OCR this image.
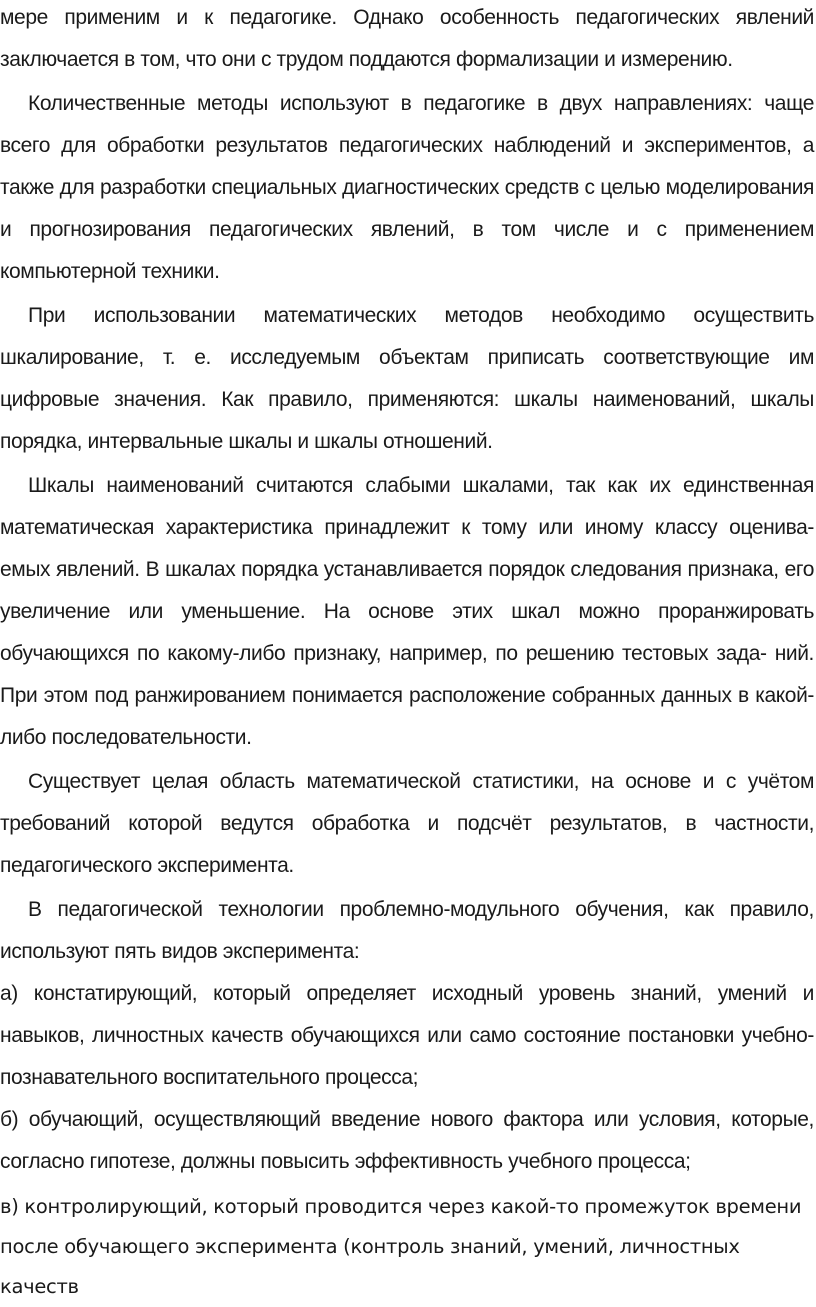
мере применим и к педагогике. Однако особенность педагогических явлений заключается в том, что они с трудом поддаются формализации и измерению.

Количественные методы используют в педагогике в двух направлениях: чаще всего для обработки результатов педагогических наблюдений и экспериментов, а также для разработки специальных диагностических средств с целью моделирования и прогнозирования педагогических явлений, в том числе и с применением компьютерной техники.

При использовании математических методов необходимо осуществить шкалирование, т. е. исследуемым объектам приписать соответствующие им цифровые значения. Как правило, применяются: шкалы наименований, шкалы порядка, интервальные шкалы и шкалы отношений.

Шкалы наименований считаются слабыми шкалами, так как их единственная математическая характеристика принадлежит к тому или иному классу оценива- емых явлений. В шкалах порядка устанавливается порядок следования признака, его увеличение или уменьшение. На основе этих шкал можно проранжировать обучающихся по какому-либо признаку, например, по решению тестовых зада- ний. При этом под ранжированием понимается расположение собранных данных в какой-либо последовательности.

Существует целая область математической статистики, на основе и с учётом требований которой ведутся обработка и подсчёт результатов, в частности, педагогического эксперимента.

В педагогической технологии проблемно-модульного обучения, как правило, используют пять видов эксперимента:

а) констатирующий, который определяет исходный уровень знаний, умений и навыков, личностных качеств обучающихся или само состояние постановки учебно-познавательного воспитательного процесса;

б) обучающий, осуществляющий введение нового фактора или условия, которые, согласно гипотезе, должны повысить эффективность учебного процесса;

в) контролирующий, который проводится через какой-то промежуток времени после обучающего эксперимента (контроль знаний, умений, личностных качеств
